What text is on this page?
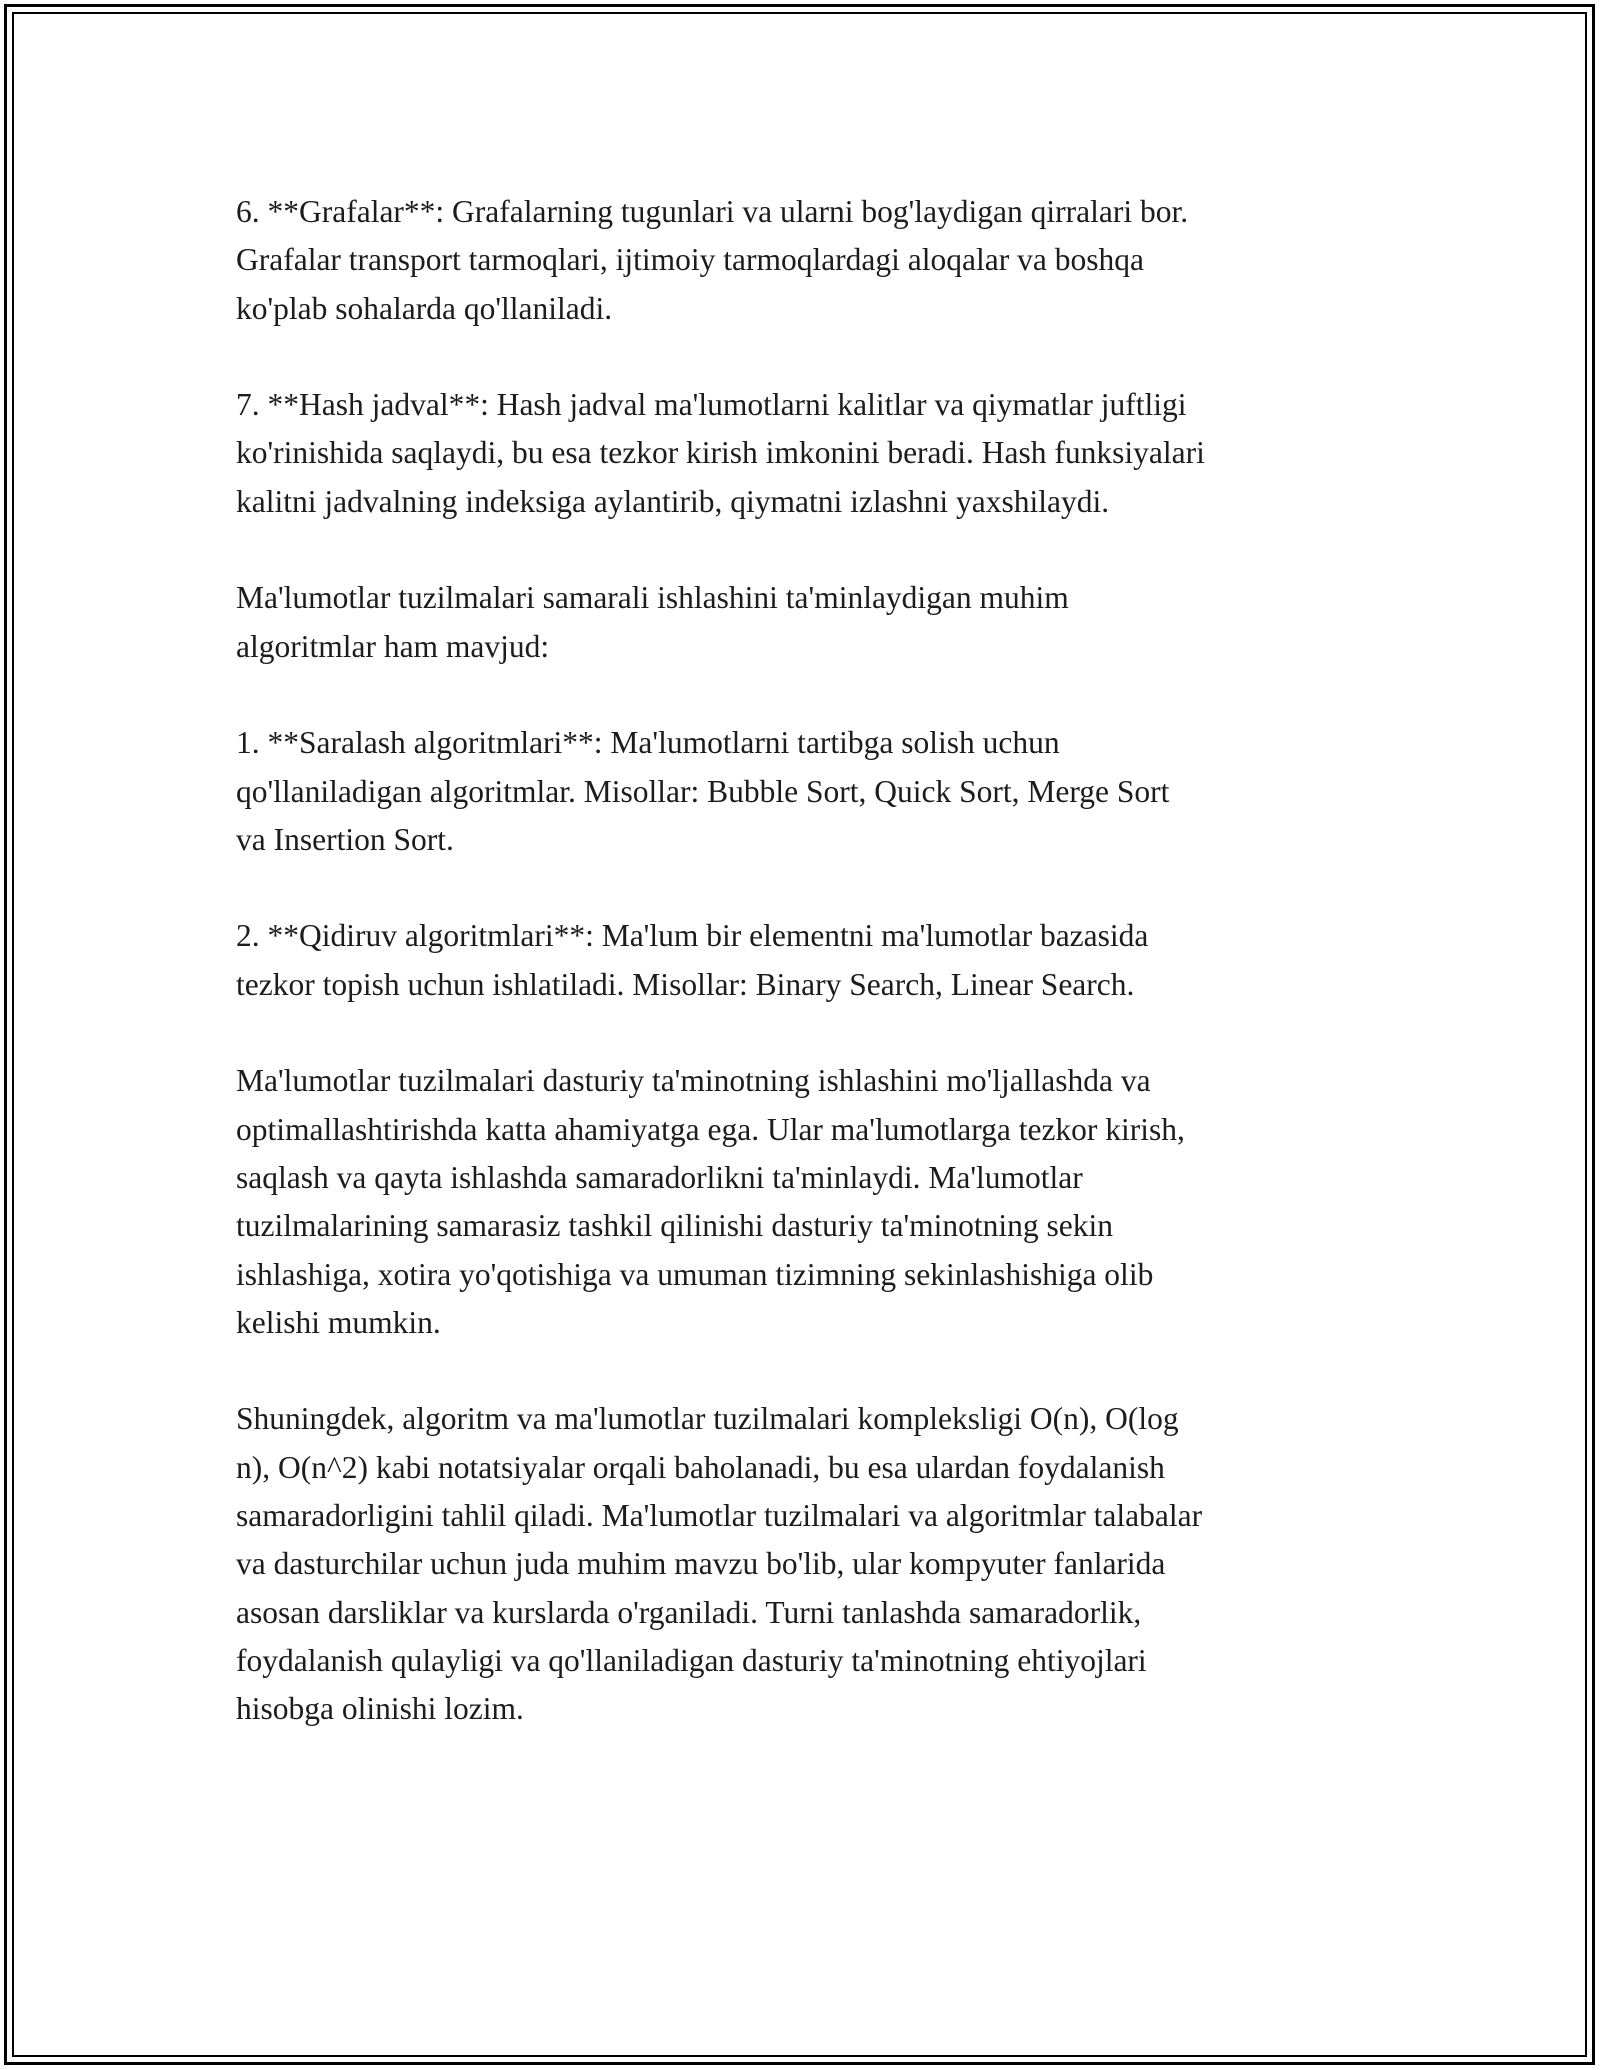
6. **Grafalar**: Grafalarning tugunlari va ularni bog'laydigan qirralari bor.
Grafalar transport tarmoqlari, ijtimoiy tarmoqlardagi aloqalar va boshqa
ko'plab sohalarda qo'llaniladi.

7. **Hash jadval**: Hash jadval ma'lumotlarni kalitlar va qiymatlar juftligi
ko'rinishida saqlaydi, bu esa tezkor kirish imkonini beradi. Hash funksiyalari
kalitni jadvalning indeksiga aylantirib, qiymatni izlashni yaxshilaydi.

Ma'lumotlar tuzilmalari samarali ishlashini ta'minlaydigan muhim
algoritmlar ham mavjud:

1. **Saralash algoritmlari**: Ma'lumotlarni tartibga solish uchun
qo'llaniladigan algoritmlar. Misollar: Bubble Sort, Quick Sort, Merge Sort
va Insertion Sort.

2. **Qidiruv algoritmlari**: Ma'lum bir elementni ma'lumotlar bazasida
tezkor topish uchun ishlatiladi. Misollar: Binary Search, Linear Search.

Ma'lumotlar tuzilmalari dasturiy ta'minotning ishlashini mo'ljallashda va
optimallashtirishda katta ahamiyatga ega. Ular ma'lumotlarga tezkor kirish,
saqlash va qayta ishlashda samaradorlikni ta'minlaydi. Ma'lumotlar
tuzilmalarining samarasiz tashkil qilinishi dasturiy ta'minotning sekin
ishlashiga, xotira yo'qotishiga va umuman tizimning sekinlashishiga olib
kelishi mumkin.

Shuningdek, algoritm va ma'lumotlar tuzilmalari kompleksligi O(n), O(log
n), O(n^2) kabi notatsiyalar orqali baholanadi, bu esa ulardan foydalanish
samaradorligini tahlil qiladi. Ma'lumotlar tuzilmalari va algoritmlar talabalar
va dasturchilar uchun juda muhim mavzu bo'lib, ular kompyuter fanlarida
asosan darsliklar va kurslarda o'rganiladi. Turni tanlashda samaradorlik,
foydalanish qulayligi va qo'llaniladigan dasturiy ta'minotning ehtiyojlari
hisobga olinishi lozim.
